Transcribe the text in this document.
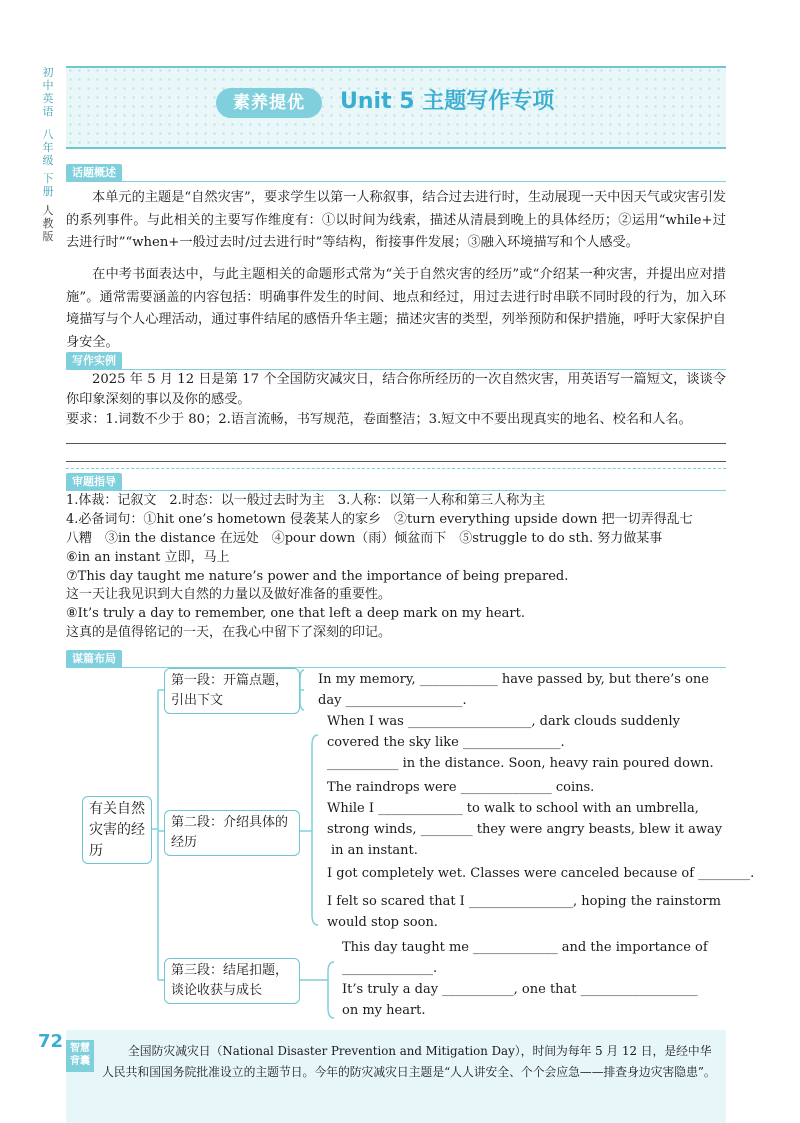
初中英语
八年级
下册
人教版
素养提优	Unit 5 主题写作专项
话题概述
本单元的主题是“自然灾害”，要求学生以第一人称叙事，结合过去进行时，生动展现一天中因天气或灾害引发的系列事件。与此相关的主要写作维度有：①以时间为线索，描述从清晨到晚上的具体经历；②运用“while+过去进行时”“when+一般过去时/过去进行时”等结构，衔接事件发展；③融入环境描写和个人感受。
在中考书面表达中，与此主题相关的命题形式常为“关于自然灾害的经历”或“介绍某一种灾害，并提出应对措施”。通常需要涵盖的内容包括：明确事件发生的时间、地点和经过，用过去进行时串联不同时段的行为，加入环境描写与个人心理活动，通过事件结尾的感悟升华主题；描述灾害的类型，列举预防和保护措施，呼吁大家保护自身安全。
写作实例
2025 年 5 月 12 日是第 17 个全国防灾减灾日，结合你所经历的一次自然灾害，用英语写一篇短文，谈谈令你印象深刻的事以及你的感受。
要求：1.词数不少于 80；2.语言流畅，书写规范，卷面整洁；3.短文中不要出现真实的地名、校名和人名。
审题指导
1.体裁：记叙文　2.时态：以一般过去时为主　3.人称：以第一人称和第三人称为主
4.必备词句：①hit one’s hometown 侵袭某人的家乡　②turn everything upside down 把一切弄得乱七
八糟　③in the distance 在远处　④pour down（雨）倾盆而下　⑤struggle to do sth. 努力做某事
⑥in an instant 立即，马上
⑦This day taught me nature’s power and the importance of being prepared.
这一天让我见识到大自然的力量以及做好准备的重要性。
⑧It’s truly a day to remember, one that left a deep mark on my heart.
这真的是值得铭记的一天，在我心中留下了深刻的印记。
谋篇布局
有关自然灾害的经历
第一段：开篇点题，引出下文
第二段：介绍具体的经历
第三段：结尾扣题，谈论收获与成长
In my memory, ____________ have passed by, but there’s one
day __________________.
When I was ___________________, dark clouds suddenly
covered the sky like _______________.
___________ in the distance. Soon, heavy rain poured down.
The raindrops were ______________ coins.
While I _____________ to walk to school with an umbrella,
strong winds, ________ they were angry beasts, blew it away
in an instant.
I got completely wet. Classes were canceled because of ________.
I felt so scared that I ________________, hoping the rainstorm
would stop soon.
This day taught me _____________ and the importance of
______________.
It’s truly a day ___________, one that __________________
on my heart.
72 智慧背囊
全国防灾减灾日（National Disaster Prevention and Mitigation Day），时间为每年 5 月 12 日，是经中华人民共和国国务院批准设立的主题节日。今年的防灾减灾日主题是“人人讲安全、个个会应急——排查身边灾害隐患”。
